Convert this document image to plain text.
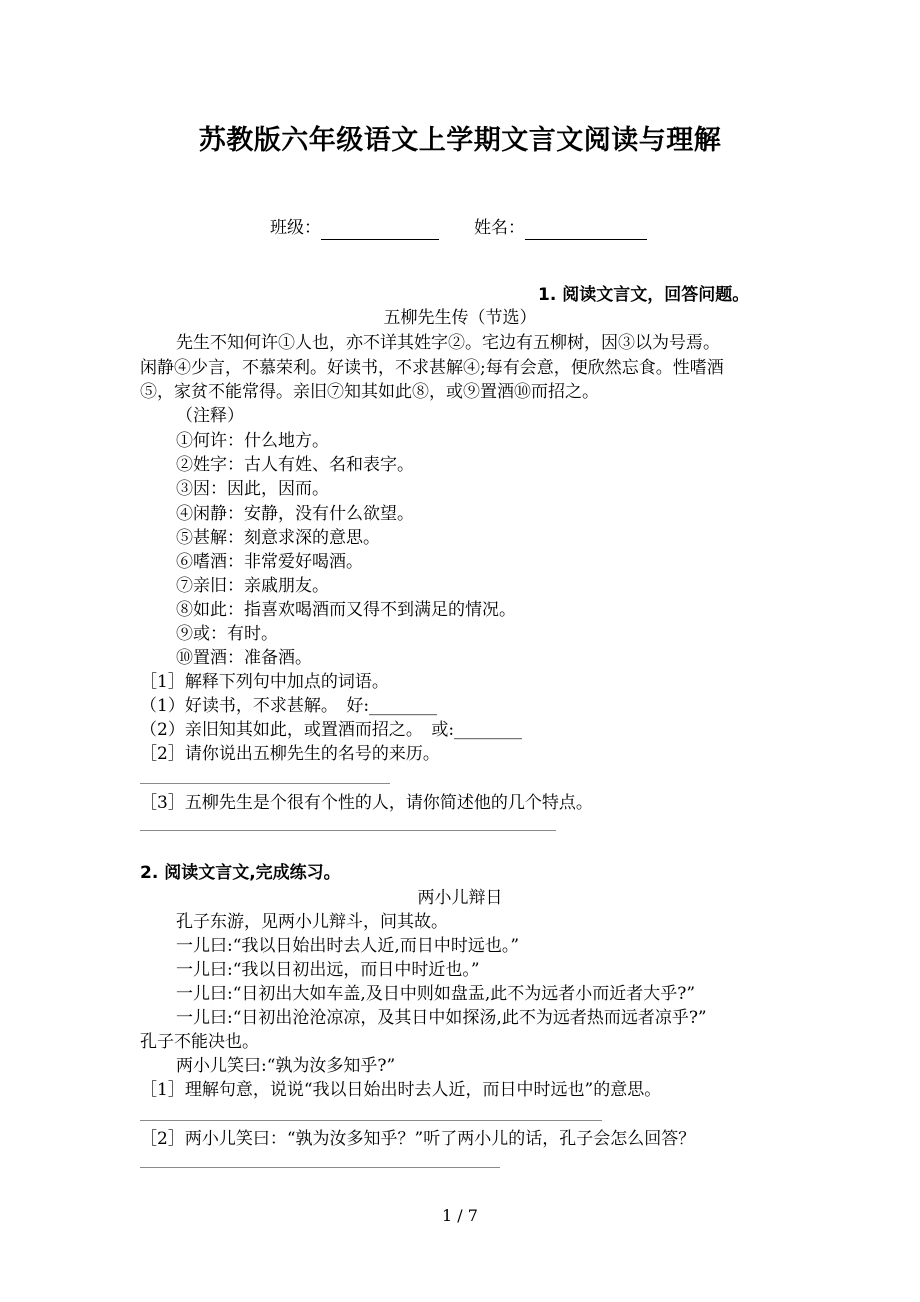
苏教版六年级语文上学期文言文阅读与理解
班级：	姓名：
1. 阅读文言文，回答问题。
五柳先生传（节选）
先生不知何许①人也，亦不详其姓字②。宅边有五柳树，因③以为号焉。
闲静④少言，不慕荣利。好读书，不求甚解④;每有会意，便欣然忘食。性嗜酒
⑤，家贫不能常得。亲旧⑦知其如此⑧，或⑨置酒⑩而招之。
（注释）
①何许：什么地方。
②姓字：古人有姓、名和表字。
③因：因此，因而。
④闲静：安静，没有什么欲望。
⑤甚解：刻意求深的意思。
⑥嗜酒：非常爱好喝酒。
⑦亲旧：亲戚朋友。
⑧如此：指喜欢喝酒而又得不到满足的情况。
⑨或：有时。
⑩置酒：准备酒。
［1］解释下列句中加点的词语。
（1）好读书，不求甚解。　好:________
（2）亲旧知其如此，或置酒而招之。　或:________
［2］请你说出五柳先生的名号的来历。
［3］五柳先生是个很有个性的人，请你简述他的几个特点。
2. 阅读文言文,完成练习。
两小儿辩日
孔子东游，见两小儿辩斗，问其故。
一儿曰:“我以日始出时去人近,而日中时远也。”
一儿曰:“我以日初出远，而日中时近也。”
一儿曰:“日初出大如车盖,及日中则如盘盂,此不为远者小而近者大乎?”
一儿曰:“日初出沧沧凉凉，及其日中如探汤,此不为远者热而远者凉乎?”
孔子不能决也。
两小儿笑曰:“孰为汝多知乎?”
［1］理解句意，说说“我以日始出时去人近，而日中时远也”的意思。
［2］两小儿笑曰：“孰为汝多知乎？”听了两小儿的话，孔子会怎么回答？
1 / 7
